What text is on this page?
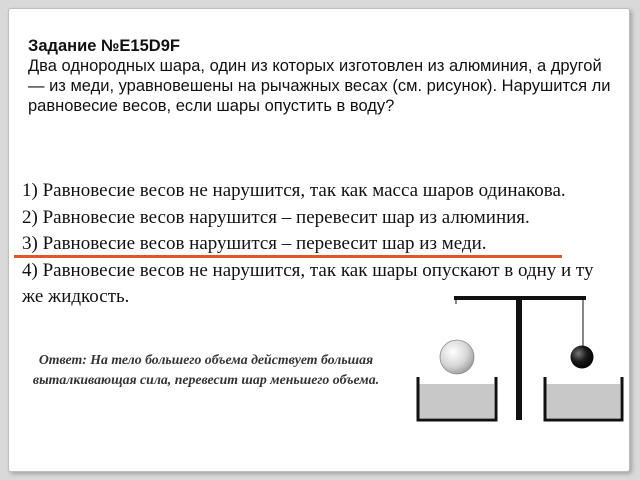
Задание №E15D9F
Два однородных шара, один из которых изготовлен из алюминия, а другой — из меди, уравновешены на рычажных весах (см. рисунок). Нарушится ли равновесие весов, если шары опустить в воду?
1) Равновесие весов не нарушится, так как масса шаров одинакова.
2) Равновесие весов нарушится – перевесит шар из алюминия.
3) Равновесие весов нарушится – перевесит шар из меди.
4) Равновесие весов не нарушится, так как шары опускают в одну и ту же жидкость.
Ответ: На тело большего объема действует большая выталкивающая сила, перевесит шар меньшего объема.
